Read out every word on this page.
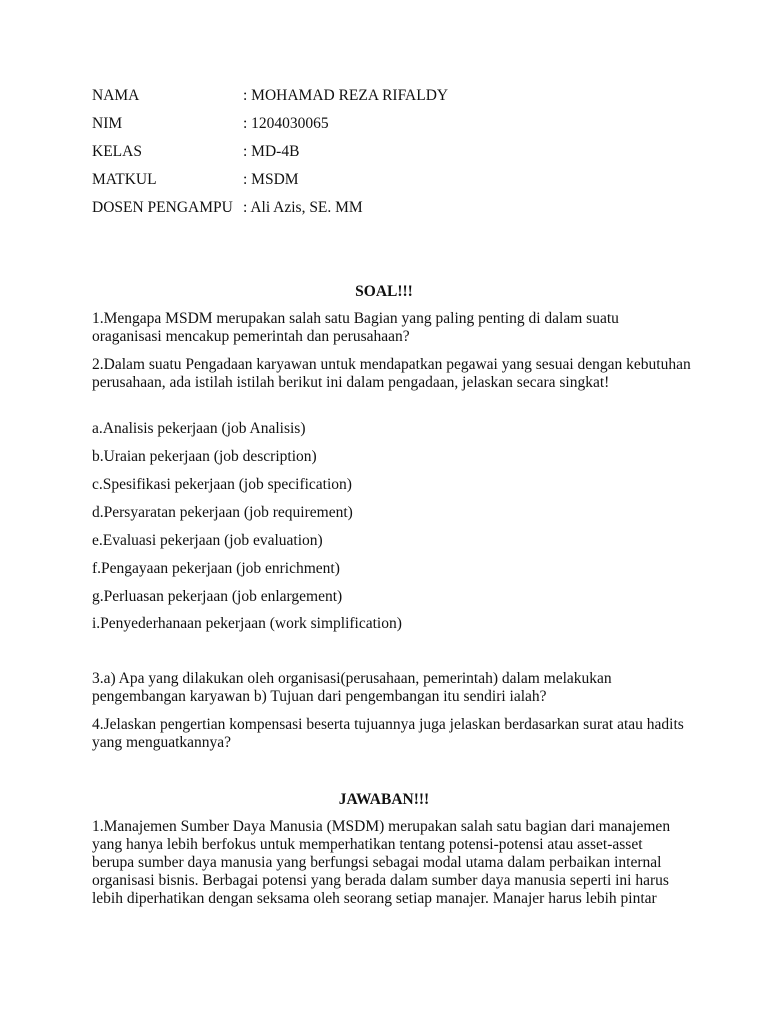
NAMA	: MOHAMAD REZA RIFALDY
NIM	: 1204030065
KELAS	: MD-4B
MATKUL	: MSDM
DOSEN PENGAMPU : Ali Azis, SE. MM
SOAL!!!
1.Mengapa MSDM merupakan salah satu Bagian yang paling penting di dalam suatu oraganisasi mencakup pemerintah dan perusahaan?
2.Dalam suatu Pengadaan karyawan untuk mendapatkan pegawai yang sesuai dengan kebutuhan perusahaan, ada istilah istilah berikut ini dalam pengadaan, jelaskan secara singkat!
a.Analisis pekerjaan (job Analisis)
b.Uraian pekerjaan (job description)
c.Spesifikasi pekerjaan (job specification)
d.Persyaratan pekerjaan (job requirement)
e.Evaluasi pekerjaan (job evaluation)
f.Pengayaan pekerjaan (job enrichment)
g.Perluasan pekerjaan (job enlargement)
i.Penyederhanaan pekerjaan (work simplification)
3.a) Apa yang dilakukan oleh organisasi(perusahaan, pemerintah) dalam melakukan pengembangan karyawan b) Tujuan dari pengembangan itu sendiri ialah?
4.Jelaskan pengertian kompensasi beserta tujuannya juga jelaskan berdasarkan surat atau hadits yang menguatkannya?
JAWABAN!!!
1.Manajemen Sumber Daya Manusia (MSDM) merupakan salah satu bagian dari manajemen yang hanya lebih berfokus untuk memperhatikan tentang potensi-potensi atau asset-asset berupa sumber daya manusia yang berfungsi sebagai modal utama dalam perbaikan internal organisasi bisnis. Berbagai potensi yang berada dalam sumber daya manusia seperti ini harus lebih diperhatikan dengan seksama oleh seorang setiap manajer. Manajer harus lebih pintar
